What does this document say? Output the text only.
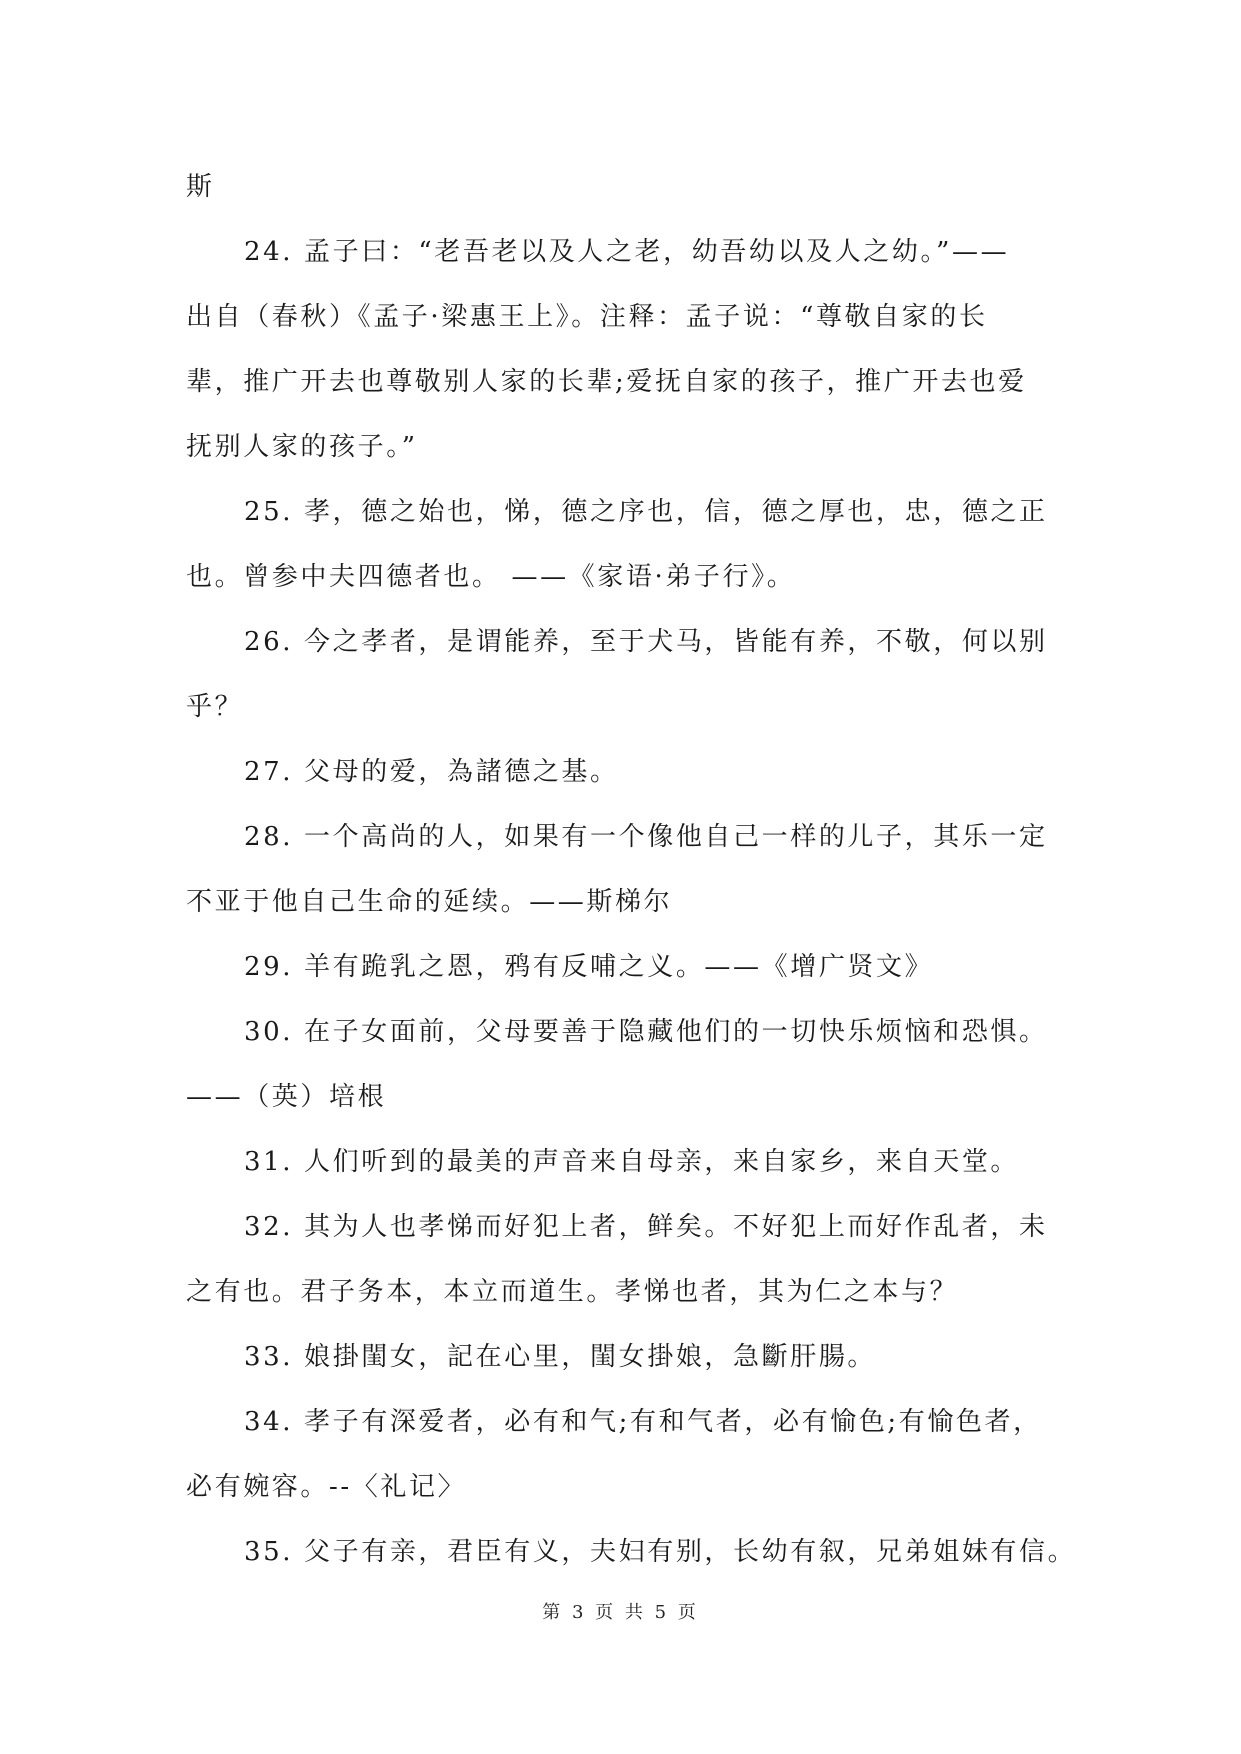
斯
24. 孟子曰：“老吾老以及人之老，幼吾幼以及人之幼。”——
出自（春秋）《孟子·梁惠王上》。注释：孟子说：“尊敬自家的长
辈，推广开去也尊敬别人家的长辈;爱抚自家的孩子，推广开去也爱
抚别人家的孩子。”
25. 孝，德之始也，悌，德之序也，信，德之厚也，忠，德之正
也。曾参中夫四德者也。 ——《家语·弟子行》。
26. 今之孝者，是谓能养，至于犬马，皆能有养，不敬，何以别
乎？
27. 父母的爱，為諸德之基。
28. 一个高尚的人，如果有一个像他自己一样的儿子，其乐一定
不亚于他自己生命的延续。——斯梯尔
29. 羊有跪乳之恩，鸦有反哺之义。——《增广贤文》
30. 在子女面前，父母要善于隐藏他们的一切快乐烦恼和恐惧。
——（英）培根
31. 人们听到的最美的声音来自母亲，来自家乡，来自天堂。
32. 其为人也孝悌而好犯上者，鲜矣。不好犯上而好作乱者，未
之有也。君子务本，本立而道生。孝悌也者，其为仁之本与？
33. 娘掛閨女，記在心里，閨女掛娘，急斷肝腸。
34. 孝子有深爱者，必有和气;有和气者，必有愉色;有愉色者，
必有婉容。--〈礼记〉
35. 父子有亲，君臣有义，夫妇有别，长幼有叙，兄弟姐妹有信。
第 3 页 共 5 页
